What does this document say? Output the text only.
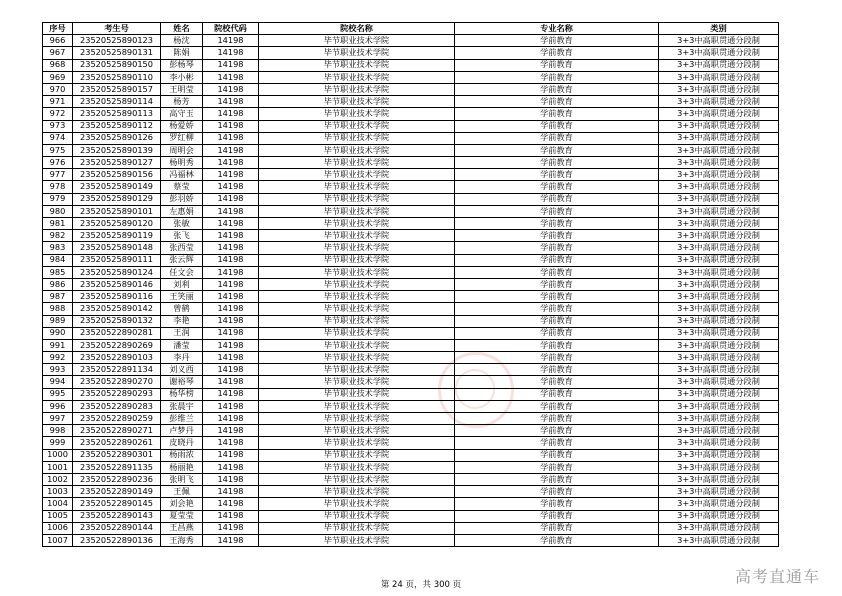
序号	考生号	姓名	院校代码	院校名称	专业名称	类别
966	23520525890123	杨沈	14198	毕节职业技术学院	学前教育	3+3中高职贯通分段制
967	23520525890131	陈娟	14198	毕节职业技术学院	学前教育	3+3中高职贯通分段制
968	23520525890150	彭杨琴	14198	毕节职业技术学院	学前教育	3+3中高职贯通分段制
969	23520525890110	李小彬	14198	毕节职业技术学院	学前教育	3+3中高职贯通分段制
970	23520525890157	王明莹	14198	毕节职业技术学院	学前教育	3+3中高职贯通分段制
971	23520525890114	杨芳	14198	毕节职业技术学院	学前教育	3+3中高职贯通分段制
972	23520525890113	高守玉	14198	毕节职业技术学院	学前教育	3+3中高职贯通分段制
973	23520525890112	杨爱娇	14198	毕节职业技术学院	学前教育	3+3中高职贯通分段制
974	23520525890126	罗红柳	14198	毕节职业技术学院	学前教育	3+3中高职贯通分段制
975	23520525890139	周明会	14198	毕节职业技术学院	学前教育	3+3中高职贯通分段制
976	23520525890127	杨明秀	14198	毕节职业技术学院	学前教育	3+3中高职贯通分段制
977	23520525890156	冯福林	14198	毕节职业技术学院	学前教育	3+3中高职贯通分段制
978	23520525890149	蔡莹	14198	毕节职业技术学院	学前教育	3+3中高职贯通分段制
979	23520525890129	彭羽娇	14198	毕节职业技术学院	学前教育	3+3中高职贯通分段制
980	23520525890101	左惠娟	14198	毕节职业技术学院	学前教育	3+3中高职贯通分段制
981	23520525890120	张敏	14198	毕节职业技术学院	学前教育	3+3中高职贯通分段制
982	23520525890119	张飞	14198	毕节职业技术学院	学前教育	3+3中高职贯通分段制
983	23520525890148	张西莹	14198	毕节职业技术学院	学前教育	3+3中高职贯通分段制
984	23520525890111	张云辉	14198	毕节职业技术学院	学前教育	3+3中高职贯通分段制
985	23520525890124	任文会	14198	毕节职业技术学院	学前教育	3+3中高职贯通分段制
986	23520525890146	刘利	14198	毕节职业技术学院	学前教育	3+3中高职贯通分段制
987	23520525890116	王笑丽	14198	毕节职业技术学院	学前教育	3+3中高职贯通分段制
988	23520525890142	曾鹤	14198	毕节职业技术学院	学前教育	3+3中高职贯通分段制
989	23520525890132	李艳	14198	毕节职业技术学院	学前教育	3+3中高职贯通分段制
990	23520522890281	王润	14198	毕节职业技术学院	学前教育	3+3中高职贯通分段制
991	23520522890269	潘莹	14198	毕节职业技术学院	学前教育	3+3中高职贯通分段制
992	23520522890103	李丹	14198	毕节职业技术学院	学前教育	3+3中高职贯通分段制
993	23520522891134	刘义西	14198	毕节职业技术学院	学前教育	3+3中高职贯通分段制
994	23520522890270	谢裕琴	14198	毕节职业技术学院	学前教育	3+3中高职贯通分段制
995	23520522890293	杨华榜	14198	毕节职业技术学院	学前教育	3+3中高职贯通分段制
996	23520522890283	张晨宇	14198	毕节职业技术学院	学前教育	3+3中高职贯通分段制
997	23520522890259	彭维兰	14198	毕节职业技术学院	学前教育	3+3中高职贯通分段制
998	23520522890271	卢梦丹	14198	毕节职业技术学院	学前教育	3+3中高职贯通分段制
999	23520522890261	皮晓丹	14198	毕节职业技术学院	学前教育	3+3中高职贯通分段制
1000	23520522890301	杨雨浓	14198	毕节职业技术学院	学前教育	3+3中高职贯通分段制
1001	23520522891135	杨丽艳	14198	毕节职业技术学院	学前教育	3+3中高职贯通分段制
1002	23520522890236	张明飞	14198	毕节职业技术学院	学前教育	3+3中高职贯通分段制
1003	23520522890149	王佩	14198	毕节职业技术学院	学前教育	3+3中高职贯通分段制
1004	23520522890145	刘会艳	14198	毕节职业技术学院	学前教育	3+3中高职贯通分段制
1005	23520522890143	夏莹莹	14198	毕节职业技术学院	学前教育	3+3中高职贯通分段制
1006	23520522890144	王昌燕	14198	毕节职业技术学院	学前教育	3+3中高职贯通分段制
1007	23520522890136	王海秀	14198	毕节职业技术学院	学前教育	3+3中高职贯通分段制
第 24 页，共 300 页	高考直通车
